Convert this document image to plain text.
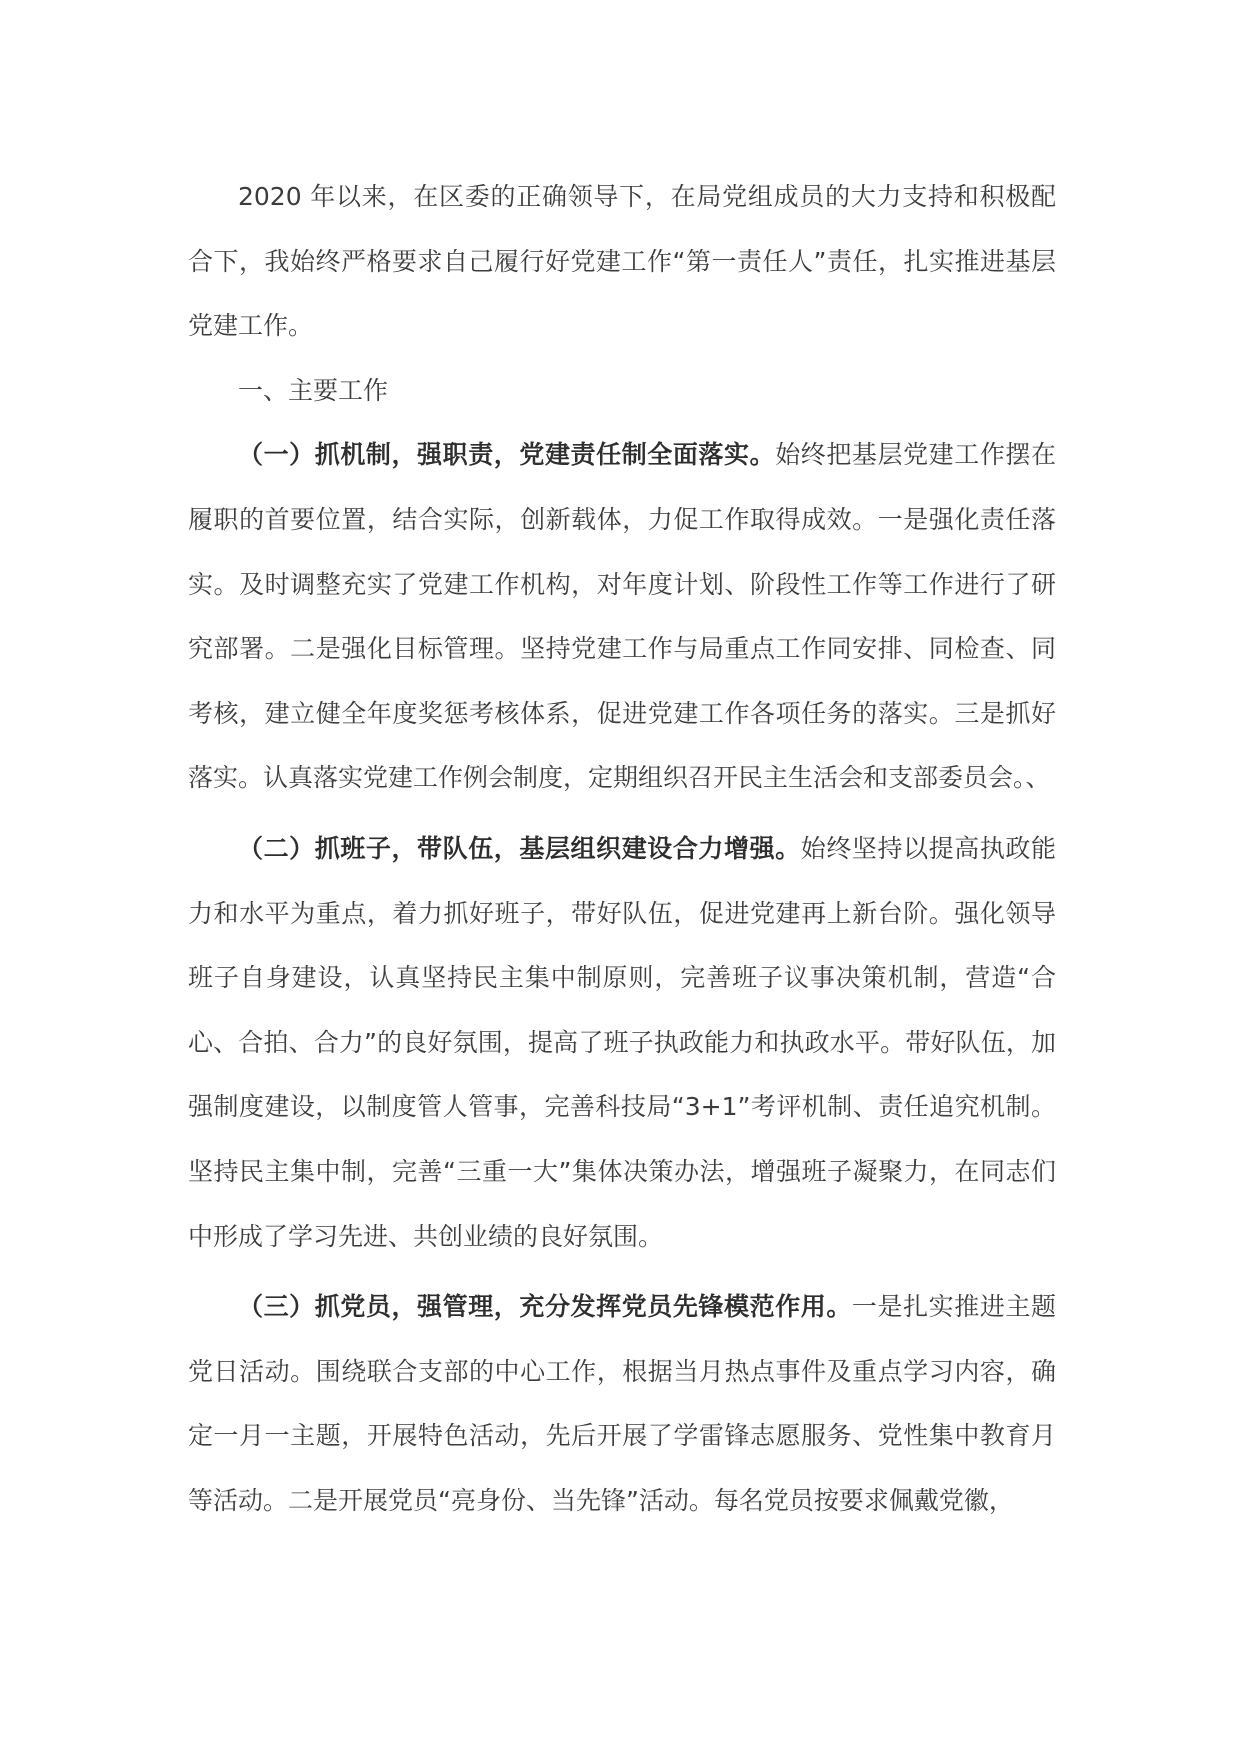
2020 年以来，在区委的正确领导下，在局党组成员的大力支持和积极配合下，我始终严格要求自己履行好党建工作“第一责任人”责任，扎实推进基层党建工作。

一、主要工作

（一）抓机制，强职责，党建责任制全面落实。始终把基层党建工作摆在履职的首要位置，结合实际，创新载体，力促工作取得成效。一是强化责任落实。及时调整充实了党建工作机构，对年度计划、阶段性工作等工作进行了研究部署。二是强化目标管理。坚持党建工作与局重点工作同安排、同检查、同考核，建立健全年度奖惩考核体系，促进党建工作各项任务的落实。三是抓好落实。认真落实党建工作例会制度，定期组织召开民主生活会和支部委员会。、

（二）抓班子，带队伍，基层组织建设合力增强。始终坚持以提高执政能力和水平为重点，着力抓好班子，带好队伍，促进党建再上新台阶。强化领导班子自身建设，认真坚持民主集中制原则，完善班子议事决策机制，营造“合心、合拍、合力”的良好氛围，提高了班子执政能力和执政水平。带好队伍，加强制度建设，以制度管人管事，完善科技局“3+1”考评机制、责任追究机制。坚持民主集中制，完善“三重一大”集体决策办法，增强班子凝聚力，在同志们中形成了学习先进、共创业绩的良好氛围。

（三）抓党员，强管理，充分发挥党员先锋模范作用。一是扎实推进主题党日活动。围绕联合支部的中心工作，根据当月热点事件及重点学习内容，确定一月一主题，开展特色活动，先后开展了学雷锋志愿服务、党性集中教育月等活动。二是开展党员“亮身份、当先锋”活动。每名党员按要求佩戴党徽，
